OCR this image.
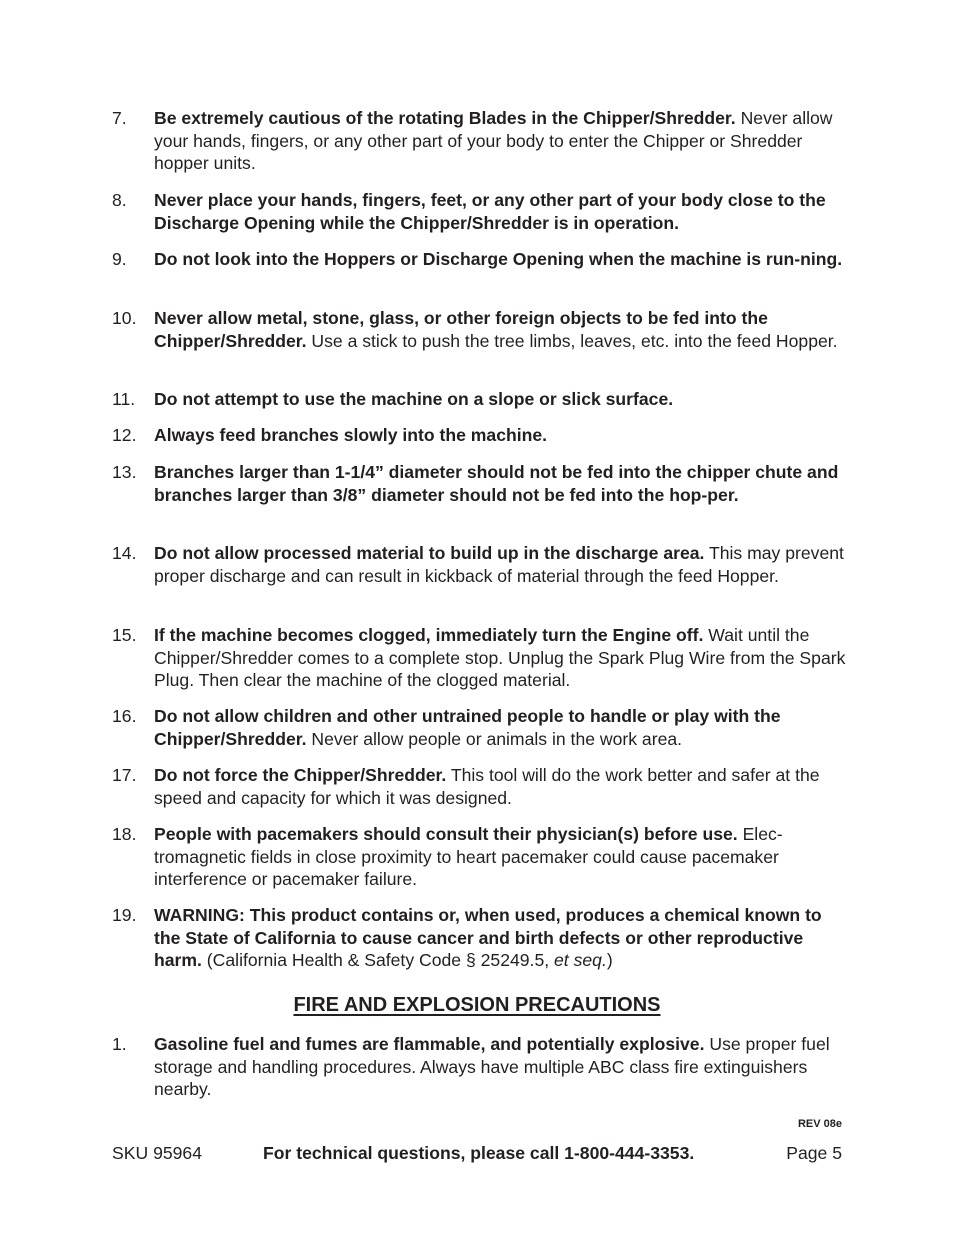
7.	Be extremely cautious of the rotating Blades in the Chipper/Shredder. Never allow your hands, fingers, or any other part of your body to enter the Chipper or Shredder hopper units.
8.	Never place your hands, fingers, feet, or any other part of your body close to the Discharge Opening while the Chipper/Shredder is in operation.
9.	Do not look into the Hoppers or Discharge Opening when the machine is run-ning.
10. Never allow metal, stone, glass, or other foreign objects to be fed into the Chipper/Shredder. Use a stick to push the tree limbs, leaves, etc. into the feed Hopper.
11.	Do not attempt to use the machine on a slope or slick surface.
12. Always feed branches slowly into the machine.
13. Branches larger than 1-1/4” diameter should not be fed into the chipper chute and branches larger than 3/8” diameter should not be fed into the hop-per.
14. Do not allow processed material to build up in the discharge area. This may prevent proper discharge and can result in kickback of material through the feed Hopper.
15. If the machine becomes clogged, immediately turn the Engine off. Wait until the Chipper/Shredder comes to a complete stop. Unplug the Spark Plug Wire from the Spark Plug. Then clear the machine of the clogged material.
16. Do not allow children and other untrained people to handle or play with the Chipper/Shredder. Never allow people or animals in the work area.
17. Do not force the Chipper/Shredder. This tool will do the work better and safer at the speed and capacity for which it was designed.
18. People with pacemakers should consult their physician(s) before use. Elec-tromagnetic fields in close proximity to heart pacemaker could cause pacemaker interference or pacemaker failure.
19. WARNING: This product contains or, when used, produces a chemical known to the State of California to cause cancer and birth defects or other reproductive harm. (California Health & Safety Code § 25249.5, et seq.)
FIRE AND EXPLOSION PRECAUTIONS
1.	Gasoline fuel and fumes are flammable, and potentially explosive. Use proper fuel storage and handling procedures. Always have multiple ABC class fire extinguishers nearby.
REV 08e
SKU 95964	For technical questions, please call 1-800-444-3353.	Page 5
